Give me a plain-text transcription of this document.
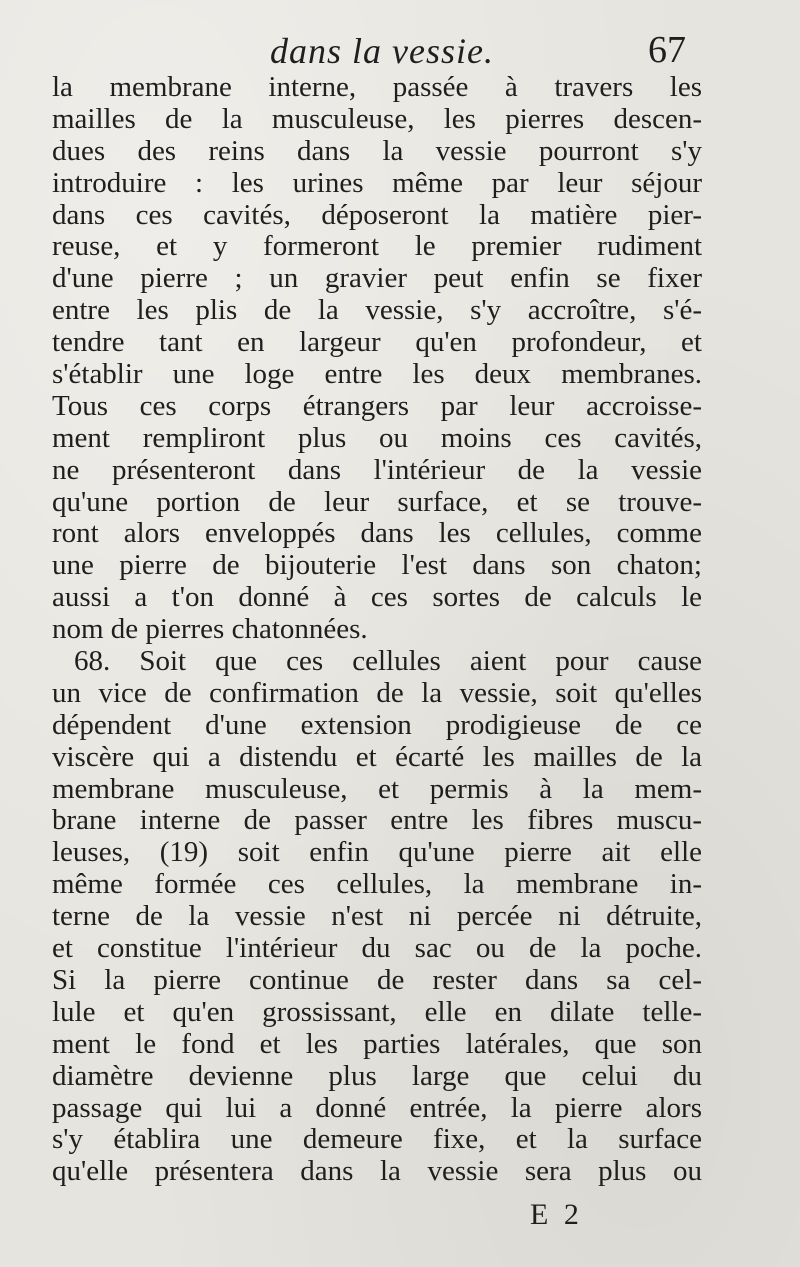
dans la vessie.	67
la membrane interne, passée à travers les
mailles de la musculeuse, les pierres descen-
dues des reins dans la vessie pourront s'y
introduire : les urines même par leur séjour
dans ces cavités, déposeront la matière pier-
reuse, et y formeront le premier rudiment
d'une pierre ; un gravier peut enfin se fixer
entre les plis de la vessie, s'y accroître, s'é-
tendre tant en largeur qu'en profondeur, et
s'établir une loge entre les deux membranes.
Tous ces corps étrangers par leur accroisse-
ment rempliront plus ou moins ces cavités,
ne présenteront dans l'intérieur de la vessie
qu'une portion de leur surface, et se trouve-
ront alors enveloppés dans les cellules, comme
une pierre de bijouterie l'est dans son chaton;
aussi a t'on donné à ces sortes de calculs le
nom de pierres chatonnées.
68. Soit que ces cellules aient pour cause
un vice de confirmation de la vessie, soit qu'elles
dépendent d'une extension prodigieuse de ce
viscère qui a distendu et écarté les mailles de la
membrane musculeuse, et permis à la mem-
brane interne de passer entre les fibres muscu-
leuses, (19) soit enfin qu'une pierre ait elle
même formée ces cellules, la membrane in-
terne de la vessie n'est ni percée ni détruite,
et constitue l'intérieur du sac ou de la poche.
Si la pierre continue de rester dans sa cel-
lule et qu'en grossissant, elle en dilate telle-
ment le fond et les parties latérales, que son
diamètre devienne plus large que celui du
passage qui lui a donné entrée, la pierre alors
s'y établira une demeure fixe, et la surface
qu'elle présentera dans la vessie sera plus ou
E 2
